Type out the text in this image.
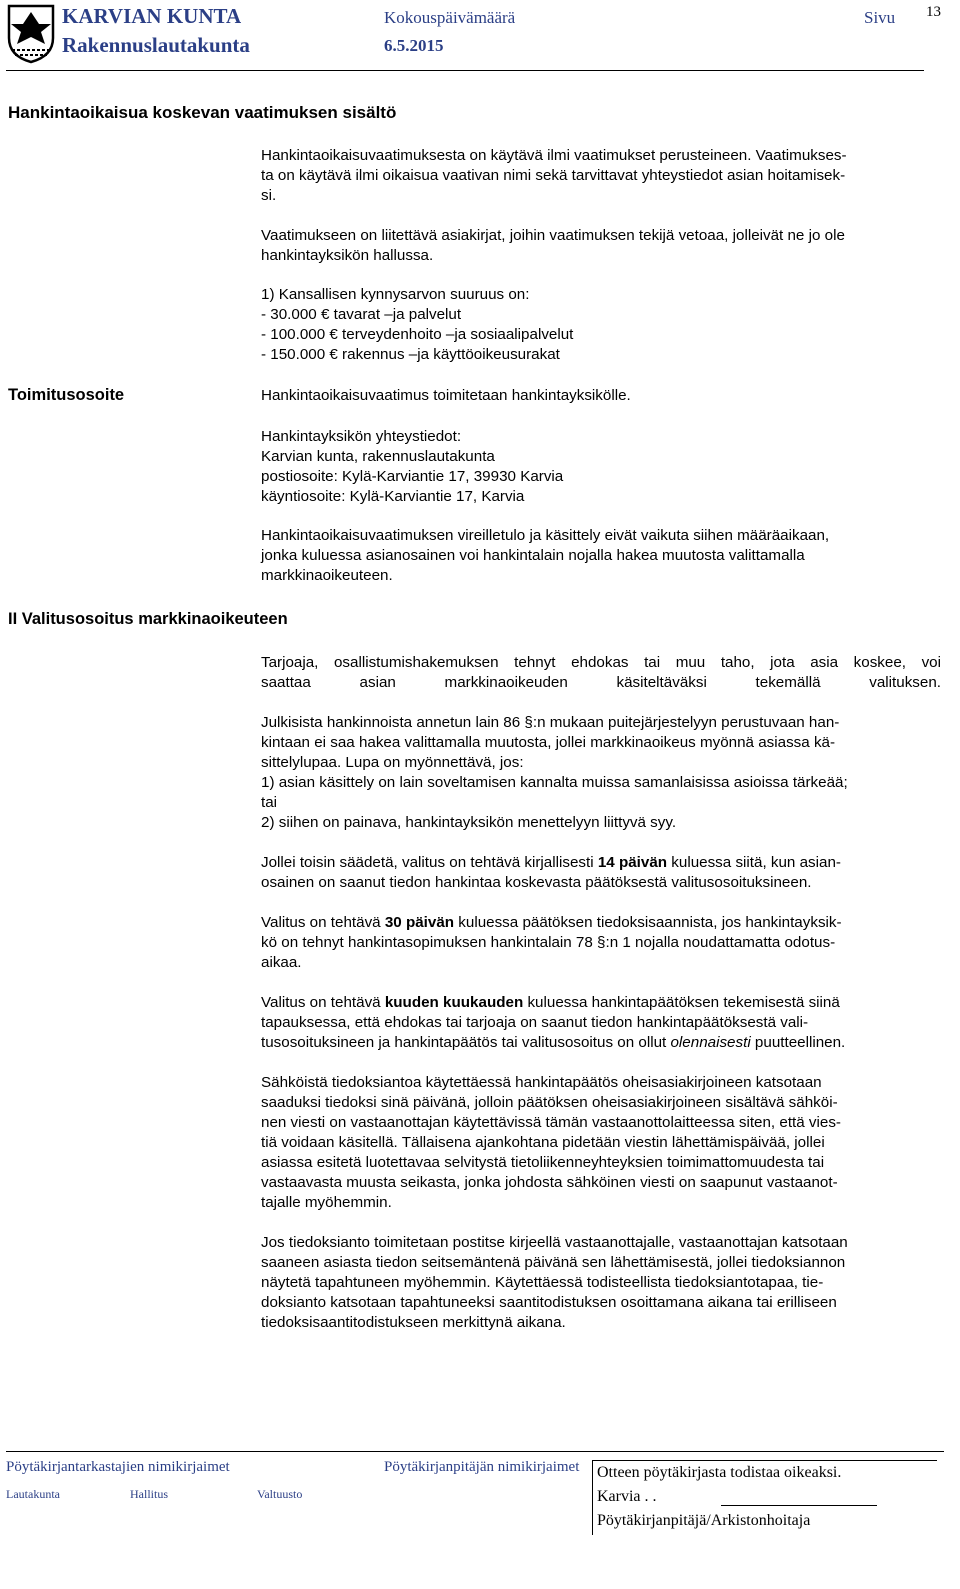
KARVIAN KUNTA
Rakennuslautakunta
Kokouspäivämäärä
6.5.2015
Sivu 13
Hankintaoikaisua koskevan vaatimuksen sisältö
Toimitusosoite
II Valitusosoitus markkinaoikeuteen
Hankintaoikaisuvaatimuksesta on käytävä ilmi vaatimukset perusteineen. Vaatimukses-
ta on käytävä ilmi oikaisua vaativan nimi sekä tarvittavat yhteystiedot asian hoitamisek-
si.
Vaatimukseen on liitettävä asiakirjat, joihin vaatimuksen tekijä vetoaa, jolleivät ne jo ole
hankintayksikön hallussa.
1) Kansallisen kynnysarvon suuruus on:
- 30.000 € tavarat –ja palvelut
- 100.000 € terveydenhoito –ja sosiaalipalvelut
- 150.000 € rakennus –ja käyttöoikeusurakat
Hankintaoikaisuvaatimus toimitetaan hankintayksikölle.
Hankintayksikön yhteystiedot:
Karvian kunta, rakennuslautakunta
postiosoite: Kylä-Karviantie 17, 39930 Karvia
käyntiosoite: Kylä-Karviantie 17, Karvia
Hankintaoikaisuvaatimuksen vireilletulo ja käsittely eivät vaikuta siihen määräaikaan,
jonka kuluessa asianosainen voi hankintalain nojalla hakea muutosta valittamalla
markkinaoikeuteen.
Tarjoaja, osallistumishakemuksen tehnyt ehdokas tai muu taho, jota asia koskee, voi
saattaa asian markkinaoikeuden käsiteltäväksi tekemällä valituksen.
Julkisista hankinnoista annetun lain 86 §:n mukaan puitejärjestelyyn perustuvaan han-
kintaan ei saa hakea valittamalla muutosta, jollei markkinaoikeus myönnä asiassa kä-
sittelylupaa. Lupa on myönnettävä, jos:
1) asian käsittely on lain soveltamisen kannalta muissa samanlaisissa asioissa tärkeää;
tai
2) siihen on painava, hankintayksikön menettelyyn liittyvä syy.
Jollei toisin säädetä, valitus on tehtävä kirjallisesti 14 päivän kuluessa siitä, kun asian-
osainen on saanut tiedon hankintaa koskevasta päätöksestä valitusosoituksineen.
Valitus on tehtävä 30 päivän kuluessa päätöksen tiedoksisaannista, jos hankintayksik-
kö on tehnyt hankintasopimuksen hankintalain 78 §:n 1 nojalla noudattamatta odotus-
aikaa.
Valitus on tehtävä kuuden kuukauden kuluessa hankintapäätöksen tekemisestä siinä
tapauksessa, että ehdokas tai tarjoaja on saanut tiedon hankintapäätöksestä vali-
tusosoituksineen ja hankintapäätös tai valitusosoitus on ollut olennaisesti puutteellinen.
Sähköistä tiedoksiantoa käytettäessä hankintapäätös oheisasiakirjoineen katsotaan
saaduksi tiedoksi sinä päivänä, jolloin päätöksen oheisasiakirjoineen sisältävä sähköi-
nen viesti on vastaanottajan käytettävissä tämän vastaanottolaitteessa siten, että vies-
tiä voidaan käsitellä. Tällaisena ajankohtana pidetään viestin lähettämispäivää, jollei
asiassa esitetä luotettavaa selvitystä tietoliikenneyhteyksien toimimattomuudesta tai
vastaavasta muusta seikasta, jonka johdosta sähköinen viesti on saapunut vastaanot-
tajalle myöhemmin.
Jos tiedoksianto toimitetaan postitse kirjeellä vastaanottajalle, vastaanottajan katsotaan
saaneen asiasta tiedon seitsemäntenä päivänä sen lähettämisestä, jollei tiedoksiannon
näytetä tapahtuneen myöhemmin. Käytettäessä todisteellista tiedoksiantotapaa, tie-
doksianto katsotaan tapahtuneeksi saantitodistuksen osoittamana aikana tai erilliseen
tiedoksisaantitodistukseen merkittynä aikana.
Pöytäkirjantarkastajien nimikirjaimet	Pöytäkirjanpitäjän nimikirjaimet
Lautakunta	Hallitus	Valtuusto
Otteen pöytäkirjasta todistaa oikeaksi.
Karvia . .
Pöytäkirjanpitäjä/Arkistonhoitaja
